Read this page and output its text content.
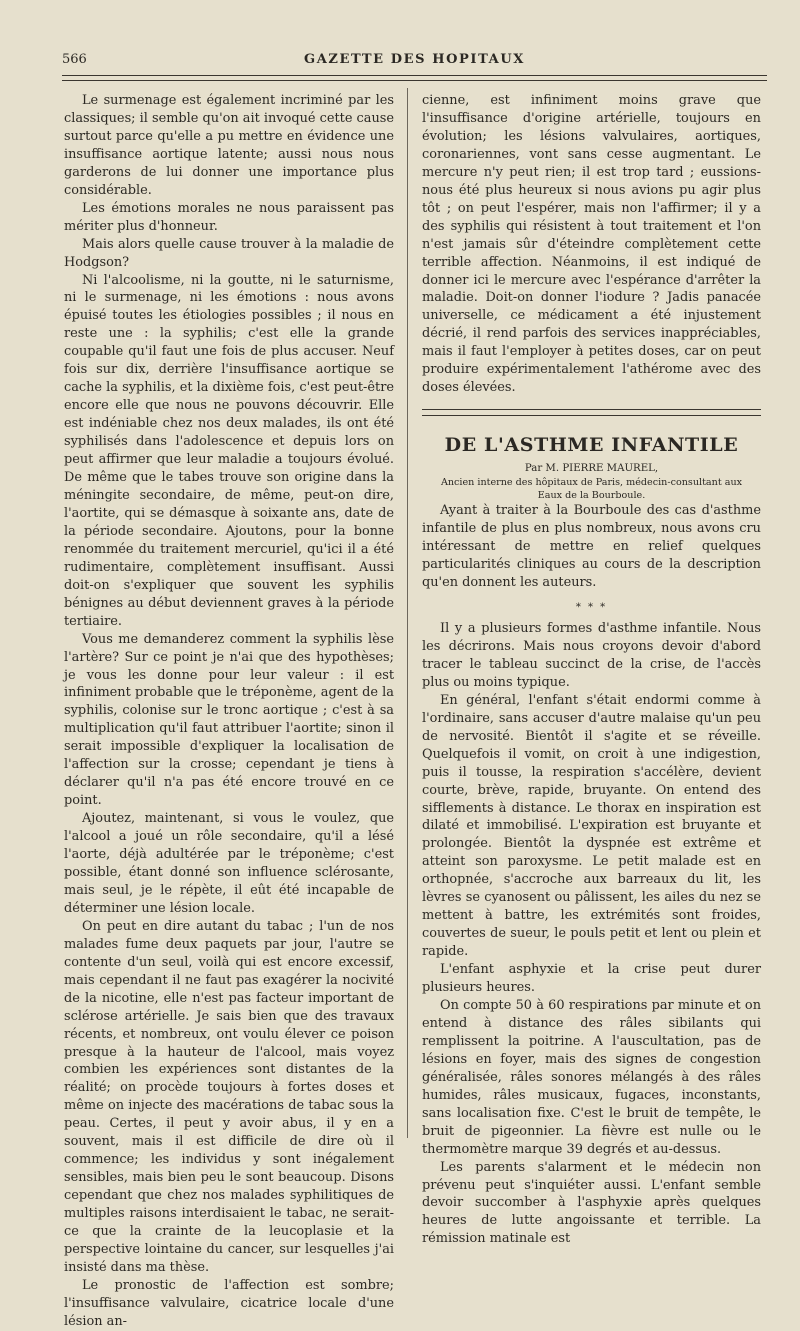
566	GAZETTE DES HOPITAUX

Le surmenage est également incriminé par les classiques; il semble qu'on ait invoqué cette cause surtout parce qu'elle a pu mettre en évidence une insuffisance aortique latente; aussi nous nous garderons de lui donner une importance plus considérable.

Les émotions morales ne nous paraissent pas mériter plus d'honneur.

Mais alors quelle cause trouver à la maladie de Hodgson?

Ni l'alcoolisme, ni la goutte, ni le saturnisme, ni le surmenage, ni les émotions : nous avons épuisé toutes les étiologies possibles ; il nous en reste une : la syphilis; c'est elle la grande coupable qu'il faut une fois de plus accuser. Neuf fois sur dix, derrière l'insuffisance aortique se cache la syphilis, et la dixième fois, c'est peut-être encore elle que nous ne pouvons découvrir. Elle est indéniable chez nos deux malades, ils ont été syphilisés dans l'adolescence et depuis lors on peut affirmer que leur maladie a toujours évolué. De même que le tabes trouve son origine dans la méningite secondaire, de même, peut-on dire, l'aortite, qui se démasque à soixante ans, date de la période secondaire. Ajoutons, pour la bonne renommée du traitement mercuriel, qu'ici il a été rudimentaire, complètement insuffisant. Aussi doit-on s'expliquer que souvent les syphilis bénignes au début deviennent graves à la période tertiaire.

Vous me demanderez comment la syphilis lèse l'artère? Sur ce point je n'ai que des hypothèses; je vous les donne pour leur valeur : il est infiniment probable que le tréponème, agent de la syphilis, colonise sur le tronc aortique ; c'est à sa multiplication qu'il faut attribuer l'aortite; sinon il serait impossible d'expliquer la localisation de l'affection sur la crosse; cependant je tiens à déclarer qu'il n'a pas été encore trouvé en ce point.

Ajoutez, maintenant, si vous le voulez, que l'alcool a joué un rôle secondaire, qu'il a lésé l'aorte, déjà adultérée par le tréponème; c'est possible, étant donné son influence sclérosante, mais seul, je le répète, il eût été incapable de déterminer une lésion locale.

On peut en dire autant du tabac ; l'un de nos malades fume deux paquets par jour, l'autre se contente d'un seul, voilà qui est encore excessif, mais cependant il ne faut pas exagérer la nocivité de la nicotine, elle n'est pas facteur important de sclérose artérielle. Je sais bien que des travaux récents, et nombreux, ont voulu élever ce poison presque à la hauteur de l'alcool, mais voyez combien les expériences sont distantes de la réalité; on procède toujours à fortes doses et même on injecte des macérations de tabac sous la peau. Certes, il peut y avoir abus, il y en a souvent, mais il est difficile de dire où il commence; les individus y sont inégalement sensibles, mais bien peu le sont beaucoup. Disons cependant que chez nos malades syphilitiques de multiples raisons interdisaient le tabac, ne serait-ce que la crainte de la leucoplasie et la perspective lointaine du cancer, sur lesquelles j'ai insisté dans ma thèse.

Le pronostic de l'affection est sombre; l'insuffisance valvulaire, cicatrice locale d'une lésion an-

cienne, est infiniment moins grave que l'insuffisance d'origine artérielle, toujours en évolution; les lésions valvulaires, aortiques, coronariennes, vont sans cesse augmentant. Le mercure n'y peut rien; il est trop tard ; eussions-nous été plus heureux si nous avions pu agir plus tôt ; on peut l'espérer, mais non l'affirmer; il y a des syphilis qui résistent à tout traitement et l'on n'est jamais sûr d'éteindre complètement cette terrible affection. Néanmoins, il est indiqué de donner ici le mercure avec l'espérance d'arrêter la maladie. Doit-on donner l'iodure ? Jadis panacée universelle, ce médicament a été injustement décrié, il rend parfois des services inappréciables, mais il faut l'employer à petites doses, car on peut produire expérimentalement l'athérome avec des doses élevées.

DE L'ASTHME INFANTILE

Par M. PIERRE MAUREL,

Ancien interne des hôpitaux de Paris, médecin-consultant aux Eaux de la Bourboule.

Ayant à traiter à la Bourboule des cas d'asthme infantile de plus en plus nombreux, nous avons cru intéressant de mettre en relief quelques particularités cliniques au cours de la description qu'en donnent les auteurs.

* * *

Il y a plusieurs formes d'asthme infantile. Nous les décrirons. Mais nous croyons devoir d'abord tracer le tableau succinct de la crise, de l'accès plus ou moins typique.

En général, l'enfant s'était endormi comme à l'ordinaire, sans accuser d'autre malaise qu'un peu de nervosité. Bientôt il s'agite et se réveille. Quelquefois il vomit, on croit à une indigestion, puis il tousse, la respiration s'accélère, devient courte, brève, rapide, bruyante. On entend des sifflements à distance. Le thorax en inspiration est dilaté et immobilisé. L'expiration est bruyante et prolongée. Bientôt la dyspnée est extrême et atteint son paroxysme. Le petit malade est en orthopnée, s'accroche aux barreaux du lit, les lèvres se cyanosent ou pâlissent, les ailes du nez se mettent à battre, les extrémités sont froides, couvertes de sueur, le pouls petit et lent ou plein et rapide.

L'enfant asphyxie et la crise peut durer plusieurs heures.

On compte 50 à 60 respirations par minute et on entend à distance des râles sibilants qui remplissent la poitrine. A l'auscultation, pas de lésions en foyer, mais des signes de congestion généralisée, râles sonores mélangés à des râles humides, râles musicaux, fugaces, inconstants, sans localisation fixe. C'est le bruit de tempête, le bruit de pigeonnier. La fièvre est nulle ou le thermomètre marque 39 degrés et au-dessus.

Les parents s'alarment et le médecin non prévenu peut s'inquiéter aussi. L'enfant semble devoir succomber à l'asphyxie après quelques heures de lutte angoissante et terrible. La rémission matinale est
